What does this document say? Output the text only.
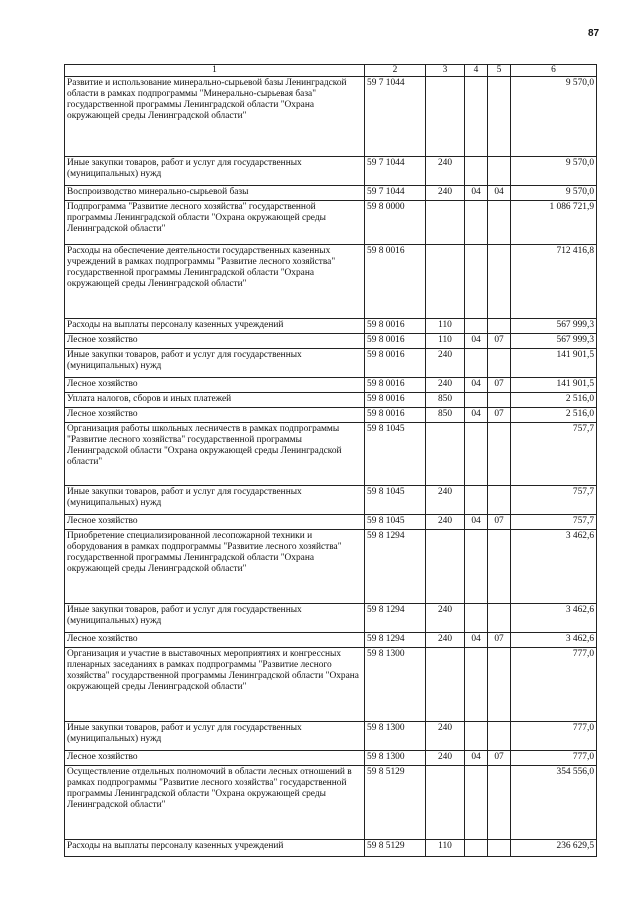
87
1	2	3	4	5	6
Развитие и использование минерально-сырьевой базы Ленинградской области в рамках подпрограммы "Минерально-сырьевая база" государственной программы Ленинградской области "Охрана окружающей среды Ленинградской области"	59 7 1044				9 570,0
Иные закупки товаров, работ и услуг для государственных (муниципальных) нужд	59 7 1044	240			9 570,0
Воспроизводство минерально-сырьевой базы	59 7 1044	240	04	04	9 570,0
Подпрограмма "Развитие лесного хозяйства" государственной программы Ленинградской области "Охрана окружающей среды Ленинградской области"	59 8 0000				1 086 721,9
Расходы на обеспечение деятельности государственных казенных учреждений в рамках подпрограммы "Развитие лесного хозяйства" государственной программы Ленинградской области "Охрана окружающей среды Ленинградской области"	59 8 0016				712 416,8
Расходы на выплаты персоналу казенных учреждений	59 8 0016	110			567 999,3
Лесное хозяйство	59 8 0016	110	04	07	567 999,3
Иные закупки товаров, работ и услуг для государственных (муниципальных) нужд	59 8 0016	240			141 901,5
Лесное хозяйство	59 8 0016	240	04	07	141 901,5
Уплата налогов, сборов и иных платежей	59 8 0016	850			2 516,0
Лесное хозяйство	59 8 0016	850	04	07	2 516,0
Организация работы школьных лесничеств в рамках подпрограммы "Развитие лесного хозяйства" государственной программы Ленинградской области "Охрана окружающей среды Ленинградской области"	59 8 1045				757,7
Иные закупки товаров, работ и услуг для государственных (муниципальных) нужд	59 8 1045	240			757,7
Лесное хозяйство	59 8 1045	240	04	07	757,7
Приобретение специализированной лесопожарной техники и оборудования в рамках подпрограммы "Развитие лесного хозяйства" государственной программы Ленинградской области "Охрана окружающей среды Ленинградской области"	59 8 1294				3 462,6
Иные закупки товаров, работ и услуг для государственных (муниципальных) нужд	59 8 1294	240			3 462,6
Лесное хозяйство	59 8 1294	240	04	07	3 462,6
Организация и участие в выставочных мероприятиях и конгрессных пленарных заседаниях в рамках подпрограммы "Развитие лесного хозяйства" государственной программы Ленинградской области "Охрана окружающей среды Ленинградской области"	59 8 1300				777,0
Иные закупки товаров, работ и услуг для государственных (муниципальных) нужд	59 8 1300	240			777,0
Лесное хозяйство	59 8 1300	240	04	07	777,0
Осуществление отдельных полномочий в области лесных отношений в рамках подпрограммы "Развитие лесного хозяйства" государственной программы Ленинградской области "Охрана окружающей среды Ленинградской области"	59 8 5129				354 556,0
Расходы на выплаты персоналу казенных учреждений	59 8 5129	110			236 629,5
